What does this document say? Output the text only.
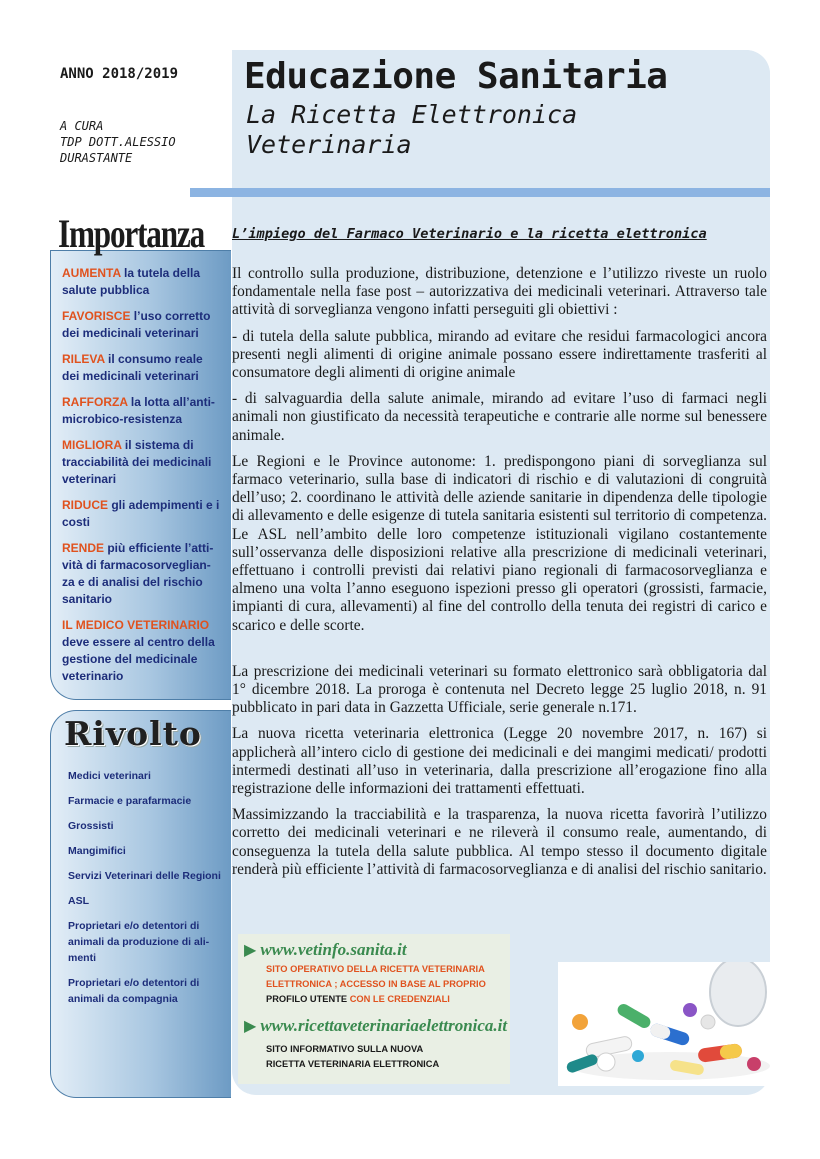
ANNO 2018/2019
A CURA
TDP DOTT.ALESSIO
DURASTANTE
Educazione Sanitaria
La Ricetta Elettronica
Veterinaria
Importanza
AUMENTA la tutela della salute pubblica
FAVORISCE l’uso corretto dei medicinali veterinari
RILEVA il consumo reale dei medicinali veterinari
RAFFORZA la lotta all’anti-microbico-resistenza
MIGLIORA il sistema di tracciabilità dei medicinali veterinari
RIDUCE gli adempimenti e i costi
RENDE più efficiente l’atti-vità di farmacosorveglian-za e di analisi del rischio sanitario
IL MEDICO VETERINARIO deve essere al centro della gestione del medicinale veterinario
Rivolto
Medici veterinari
Farmacie e parafarmacie
Grossisti
Mangimifici
Servizi Veterinari delle Regioni
ASL
Proprietari e/o detentori di animali da produzione di ali-menti
Proprietari e/o detentori di animali da compagnia
L’impiego del Farmaco Veterinario e la ricetta elettronica

Il controllo sulla produzione, distribuzione, detenzione e l’utilizzo riveste un ruolo fondamentale nella fase post – autorizzativa dei medicinali veterinari. Attraverso tale attività di sorveglianza vengono infatti perseguiti gli obiettivi :

- di tutela della salute pubblica, mirando ad evitare che residui farmacologici ancora presenti negli alimenti di origine animale possano essere indirettamente trasferiti al consumatore degli alimenti di origine animale

- di salvaguardia della salute animale, mirando ad evitare l’uso di farmaci negli animali non giustificato da necessità terapeutiche e contrarie alle norme sul benessere animale.

Le Regioni e le Province autonome: 1. predispongono piani di sorveglianza sul farmaco veterinario, sulla base di indicatori di rischio e di valutazioni di congruità dell’uso; 2. coordinano le attività delle aziende sanitarie in dipendenza delle tipologie di allevamento e delle esigenze di tutela sanitaria esistenti sul territorio di competenza. Le ASL nell’ambito delle loro competenze istituzionali vigilano costantemente sull’osservanza delle disposizioni relative alla prescrizione di medicinali veterinari, effettuano i controlli previsti dai relativi piano regionali di farmacosorveglianza e almeno una volta l’anno eseguono ispezioni presso gli operatori (grossisti, farmacie, impianti di cura, allevamenti) al fine del controllo della tenuta dei registri di carico e scarico e delle scorte.

La prescrizione dei medicinali veterinari su formato elettronico sarà obbligatoria dal 1° dicembre 2018. La proroga è contenuta nel Decreto legge 25 luglio 2018, n. 91 pubblicato in pari data in Gazzetta Ufficiale, serie generale n.171.

La nuova ricetta veterinaria elettronica (Legge 20 novembre 2017, n. 167) si applicherà all’intero ciclo di gestione dei medicinali e dei mangimi medicati/ prodotti intermedi destinati all’uso in veterinaria, dalla prescrizione all’erogazione fino alla registrazione delle informazioni dei trattamenti effettuati.

Massimizzando la tracciabilità e la trasparenza, la nuova ricetta favorirà l’utilizzo corretto dei medicinali veterinari e ne rileverà il consumo reale, aumentando, di conseguenza la tutela della salute pubblica. Al tempo stesso il documento digitale renderà più efficiente l’attività di farmacosorveglianza e di analisi del rischio sanitario.

▶ www.vetinfo.sanita.it
SITO OPERATIVO DELLA RICETTA VETERINARIA
ELETTRONICA ; ACCESSO IN BASE AL PROPRIO
PROFILO UTENTE CON LE CREDENZIALI
▶ www.ricettaveterinariaelettronica.it
SITO INFORMATIVO SULLA NUOVA
RICETTA VETERINARIA ELETTRONICA
